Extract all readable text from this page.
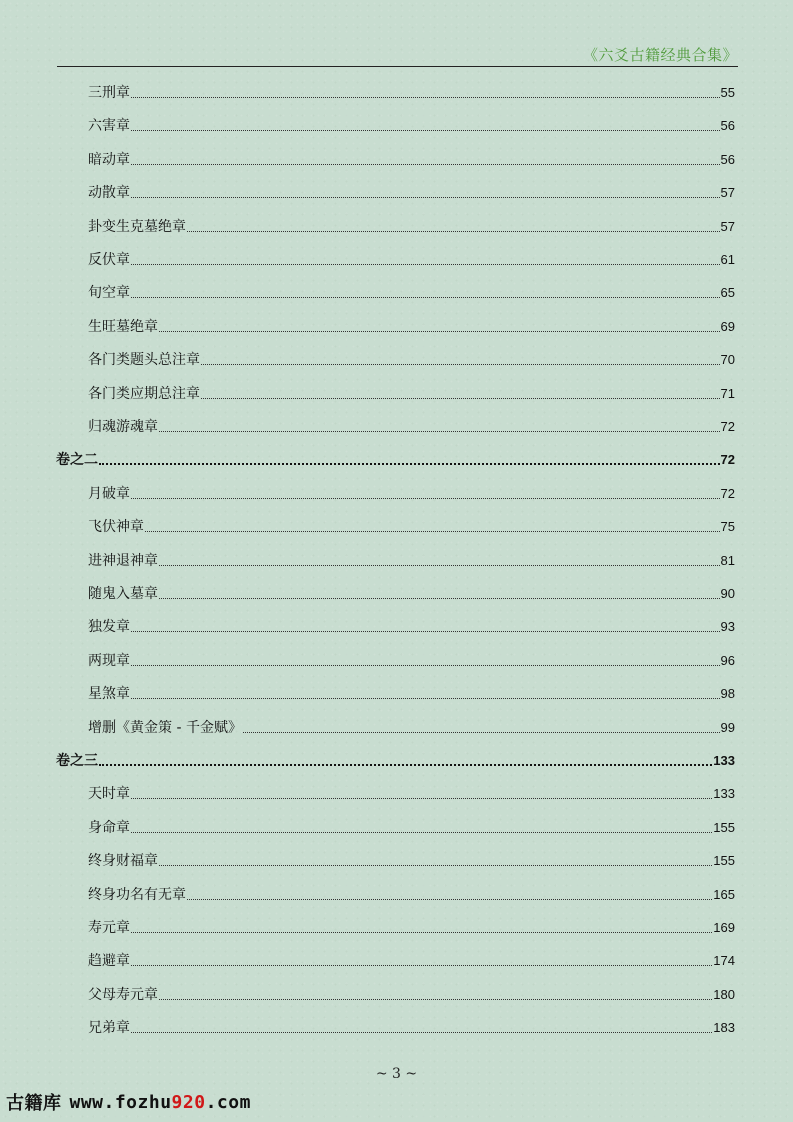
《六爻古籍经典合集》
三刑章	55
六害章	56
暗动章	56
动散章	57
卦变生克墓绝章	57
反伏章	61
旬空章	65
生旺墓绝章	69
各门类题头总注章	70
各门类应期总注章	71
归魂游魂章	72
卷之二	72
月破章	72
飞伏神章	75
进神退神章	81
随鬼入墓章	90
独发章	93
两现章	96
星煞章	98
增删《黄金策 - 千金赋》	99
卷之三	133
天时章	133
身命章	155
终身财福章	155
终身功名有无章	165
寿元章	169
趋避章	174
父母寿元章	180
兄弟章	183
~ 3 ~
古籍库 www.fozhu 920 .com
